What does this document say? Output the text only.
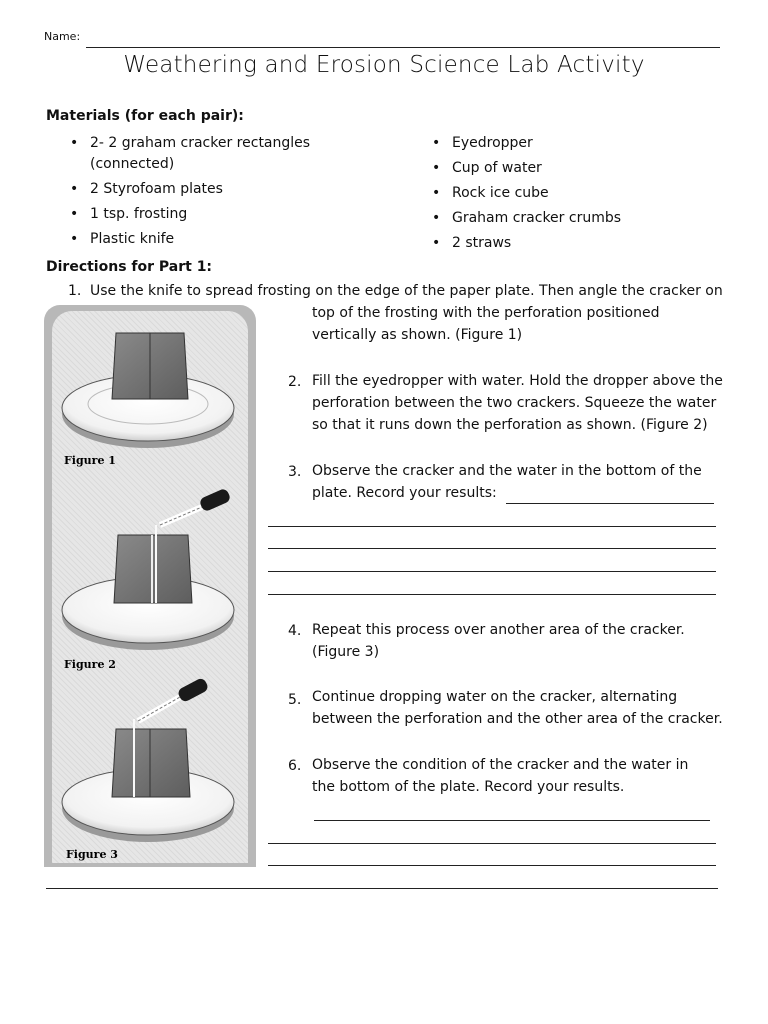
Name:
Weathering and Erosion Science Lab Activity
Materials (for each pair):
• 2- 2 graham cracker rectangles (connected)
• 2 Styrofoam plates
• 1 tsp. frosting
• Plastic knife
• Eyedropper
• Cup of water
• Rock ice cube
• Graham cracker crumbs
• 2 straws
Directions for Part 1:
1. Use the knife to spread frosting on the edge of the paper plate. Then angle the cracker on
top of the frosting with the perforation positioned vertically as shown. (Figure 1)
2. Fill the eyedropper with water. Hold the dropper above the perforation between the two crackers. Squeeze the water so that it runs down the perforation as shown. (Figure 2)
3. Observe the cracker and the water in the bottom of the plate. Record your results:
4. Repeat this process over another area of the cracker. (Figure 3)
5. Continue dropping water on the cracker, alternating between the perforation and the other area of the cracker.
6. Observe the condition of the cracker and the water in the bottom of the plate. Record your results.
Figure 1
Figure 2
Figure 3
